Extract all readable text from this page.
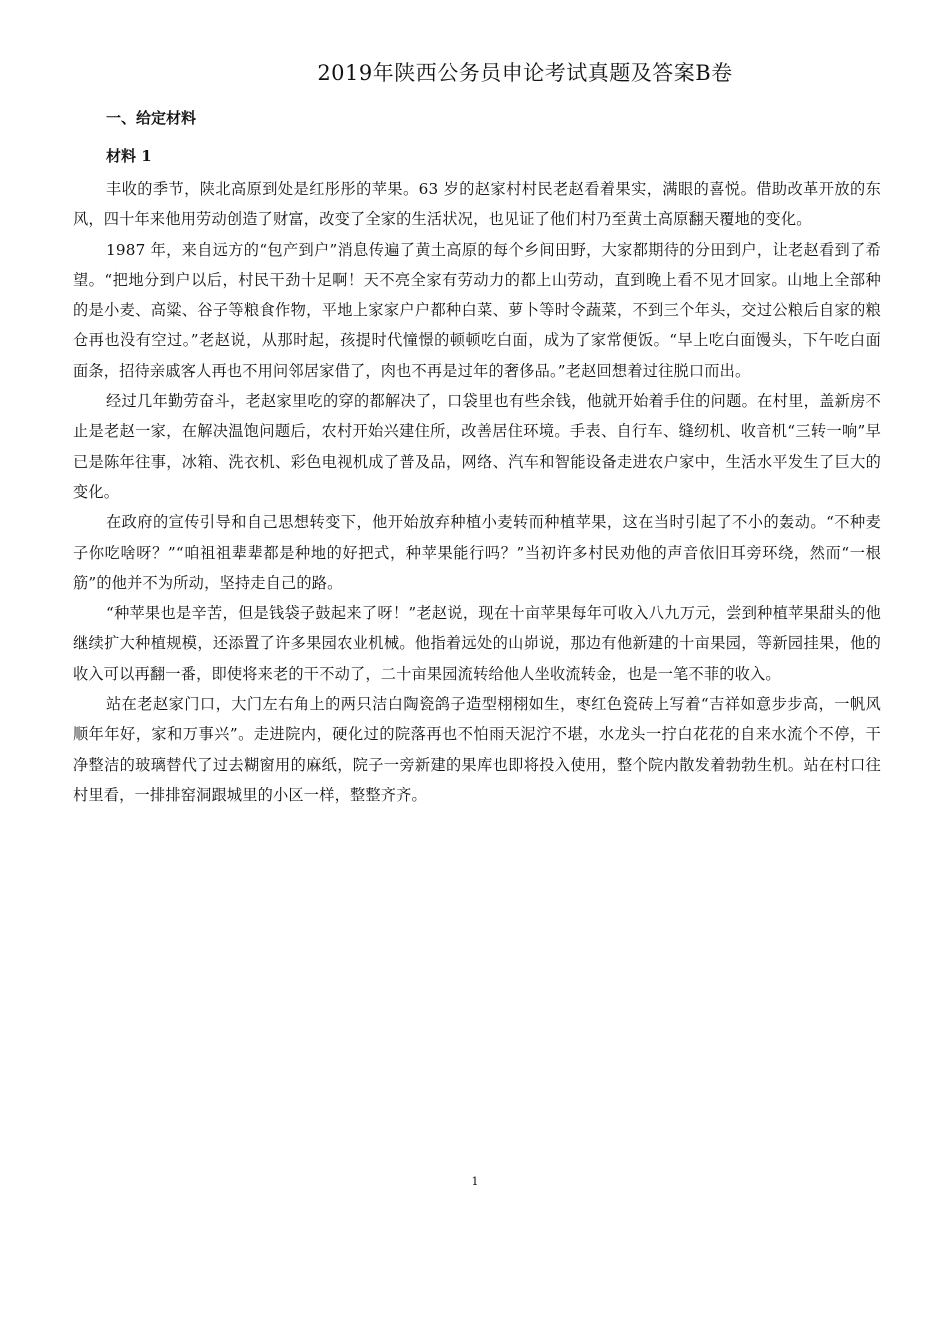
2019年陕西公务员申论考试真题及答案B卷
一、给定材料
材料 1

丰收的季节，陕北高原到处是红彤彤的苹果。63 岁的赵家村村民老赵看着果实，满眼的喜悦。借助改革开放的东风，四十年来他用劳动创造了财富，改变了全家的生活状况，也见证了他们村乃至黄土高原翻天覆地的变化。

1987 年，来自远方的“包产到户”消息传遍了黄土高原的每个乡间田野，大家都期待的分田到户，让老赵看到了希望。“把地分到户以后，村民干劲十足啊！天不亮全家有劳动力的都上山劳动，直到晚上看不见才回家。山地上全部种的是小麦、高粱、谷子等粮食作物，平地上家家户户都种白菜、萝卜等时令蔬菜，不到三个年头，交过公粮后自家的粮仓再也没有空过。”老赵说，从那时起，孩提时代憧憬的顿顿吃白面，成为了家常便饭。“早上吃白面馒头，下午吃白面面条，招待亲戚客人再也不用问邻居家借了，肉也不再是过年的奢侈品。”老赵回想着过往脱口而出。

经过几年勤劳奋斗，老赵家里吃的穿的都解决了，口袋里也有些余钱，他就开始着手住的问题。在村里，盖新房不止是老赵一家，在解决温饱问题后，农村开始兴建住所，改善居住环境。手表、自行车、缝纫机、收音机“三转一响”早已是陈年往事，冰箱、洗衣机、彩色电视机成了普及品，网络、汽车和智能设备走进农户家中，生活水平发生了巨大的变化。

在政府的宣传引导和自己思想转变下，他开始放弃种植小麦转而种植苹果，这在当时引起了不小的轰动。“不种麦子你吃啥呀？”“咱祖祖辈辈都是种地的好把式，种苹果能行吗？”当初许多村民劝他的声音依旧耳旁环绕，然而“一根筋”的他并不为所动，坚持走自己的路。

“种苹果也是辛苦，但是钱袋子鼓起来了呀！”老赵说，现在十亩苹果每年可收入八九万元，尝到种植苹果甜头的他继续扩大种植规模，还添置了许多果园农业机械。他指着远处的山峁说，那边有他新建的十亩果园，等新园挂果，他的收入可以再翻一番，即使将来老的干不动了，二十亩果园流转给他人坐收流转金，也是一笔不菲的收入。

站在老赵家门口，大门左右角上的两只洁白陶瓷鸽子造型栩栩如生，枣红色瓷砖上写着“吉祥如意步步高，一帆风顺年年好，家和万事兴”。走进院内，硬化过的院落再也不怕雨天泥泞不堪，水龙头一拧白花花的自来水流个不停，干净整洁的玻璃替代了过去糊窗用的麻纸，院子一旁新建的果库也即将投入使用，整个院内散发着勃勃生机。站在村口往村里看，一排排窑洞跟城里的小区一样，整整齐齐。

1
